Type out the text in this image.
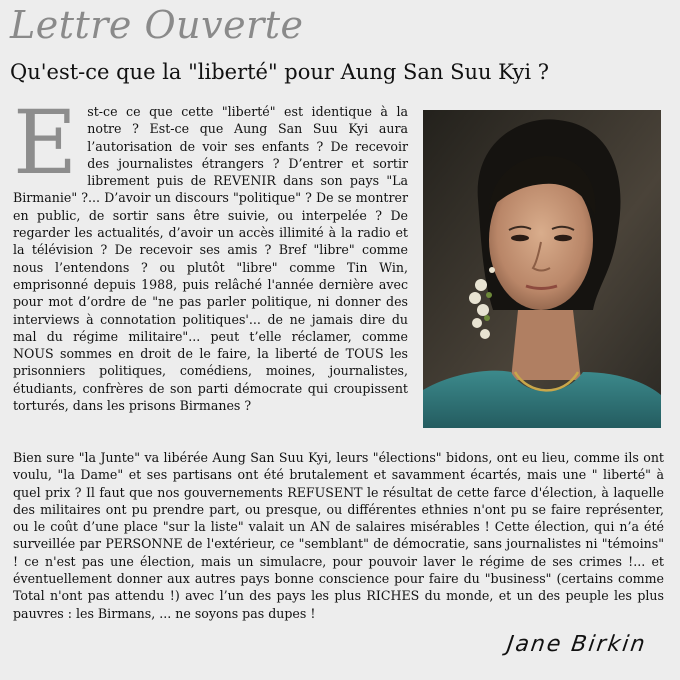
Lettre Ouverte
Qu'est-ce que la "liberté" pour Aung San Suu Kyi ?
E st-ce ce que cette "liberté" est identique à la notre ? Est-ce que Aung San Suu Kyi aura l’autorisation de voir ses enfants ? De recevoir des journalistes étrangers ? D’entrer et sortir librement puis de REVENIR dans son pays "La Birmanie" ?... D’avoir un discours "politique" ? De se montrer en public, de sortir sans être suivie, ou interpelée ? De regarder les actualités, d’avoir un accès illimité à la radio et la télévision ? De recevoir ses amis ? Bref "libre" comme nous l’entendons ? ou plutôt "libre" comme Tin Win, emprisonné depuis 1988, puis relâché l'année dernière avec pour mot d’ordre de "ne pas parler politique, ni donner des interviews à connotation politiques'... de ne jamais dire du mal du régime militaire"... peut t’elle réclamer, comme NOUS sommes en droit de le faire, la liberté de TOUS les prisonniers politiques, comédiens, moines, journalistes, étudiants, confrères de son parti démocrate qui croupissent torturés, dans les prisons Birmanes ?
Bien sure "la Junte" va libérée Aung San Suu Kyi, leurs "élections" bidons, ont eu lieu, comme ils ont voulu, "la Dame" et ses partisans ont été brutalement et savamment écartés, mais une " liberté" à quel prix ? Il faut que nos gouvernements REFUSENT le résultat de cette farce d'élection, à laquelle des militaires ont pu prendre part, ou presque, ou différentes ethnies n'ont pu se faire représenter, ou le coût d’une place "sur la liste" valait un AN de salaires misérables ! Cette élection, qui n’a été surveillée par PERSONNE de l'extérieur, ce "semblant" de démocratie, sans journalistes ni "témoins" ! ce n'est pas une élection, mais un simulacre, pour pouvoir laver le régime de ses crimes !... et éventuellement donner aux autres pays bonne conscience pour faire du "business" (certains comme Total n'ont pas attendu !) avec l’un des pays les plus RICHES du monde, et un des peuple les plus pauvres : les Birmans, ... ne soyons pas dupes !
Jane Birkin
